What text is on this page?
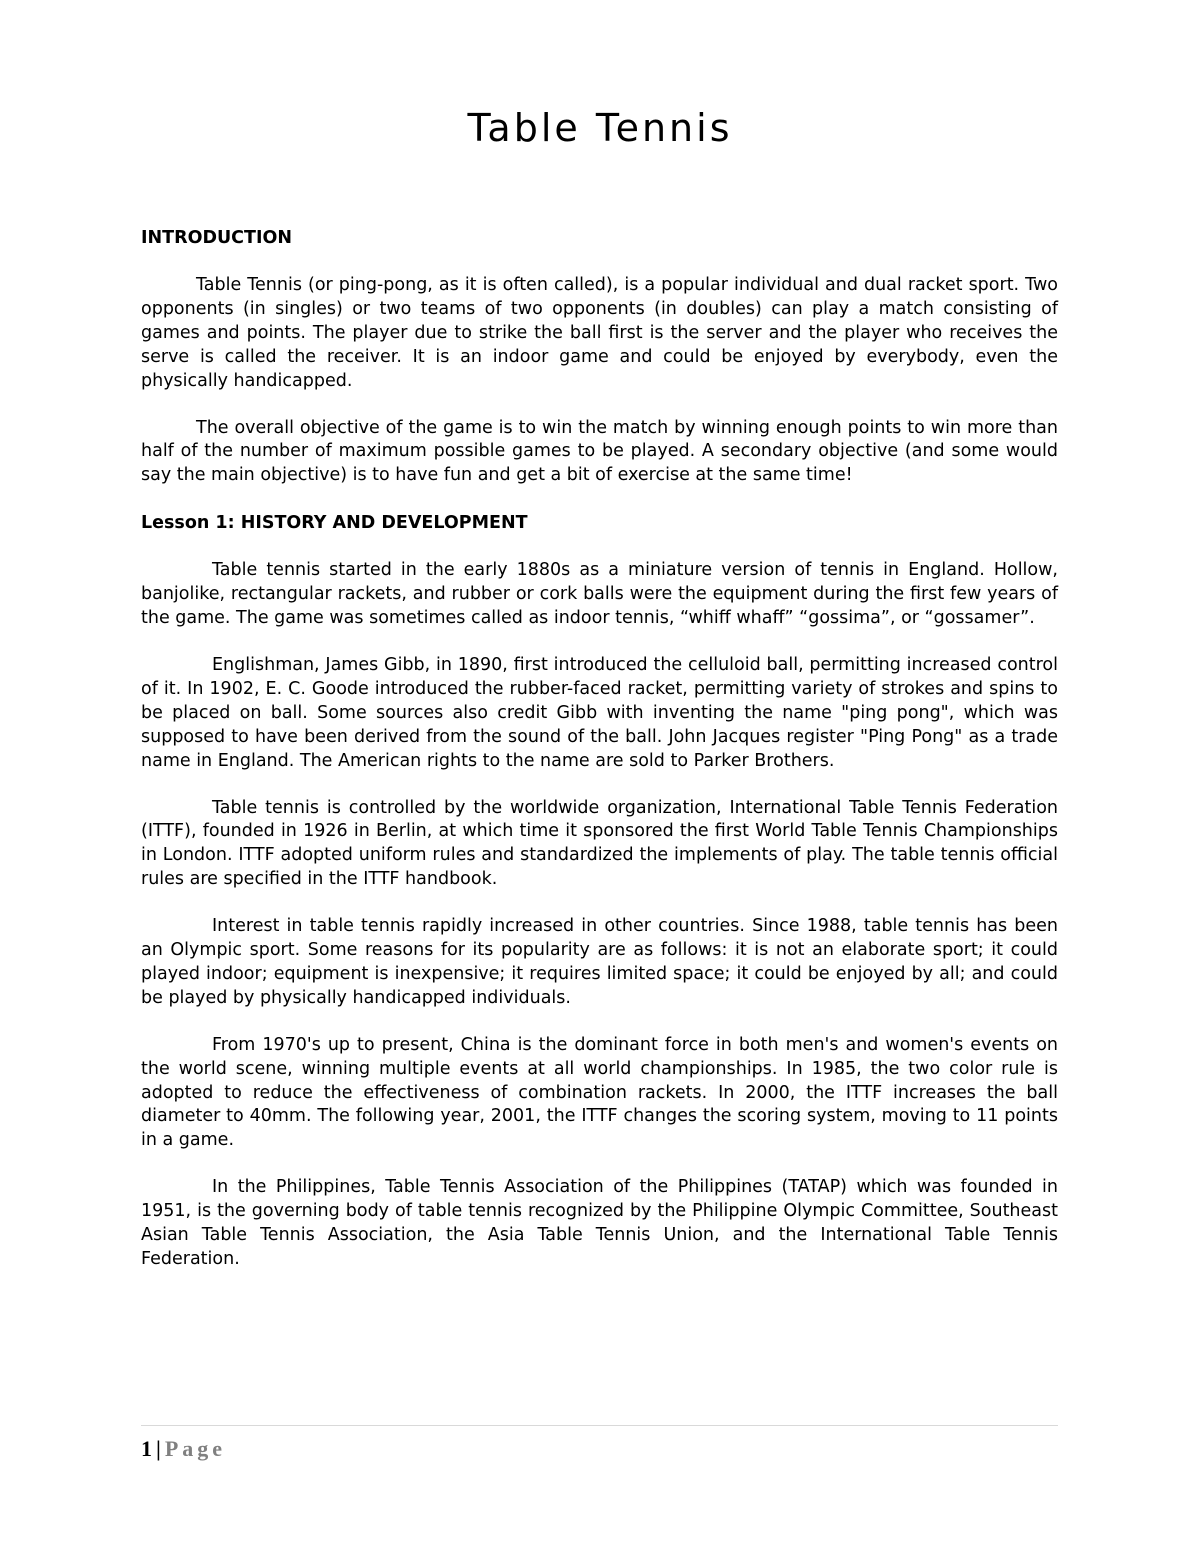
Table Tennis
INTRODUCTION

Table Tennis (or ping-pong, as it is often called), is a popular individual and dual racket sport. Two opponents (in singles) or two teams of two opponents (in doubles) can play a match consisting of games and points. The player due to strike the ball first is the server and the player who receives the serve is called the receiver. It is an indoor game and could be enjoyed by everybody, even the physically handicapped.

The overall objective of the game is to win the match by winning enough points to win more than half of the number of maximum possible games to be played. A secondary objective (and some would say the main objective) is to have fun and get a bit of exercise at the same time!

Lesson 1: HISTORY AND DEVELOPMENT

Table tennis started in the early 1880s as a miniature version of tennis in England. Hollow, banjolike, rectangular rackets, and rubber or cork balls were the equipment during the first few years of the game. The game was sometimes called as indoor tennis, “whiff whaff” “gossima”, or “gossamer”.

Englishman, James Gibb, in 1890, first introduced the celluloid ball, permitting increased control of it. In 1902, E. C. Goode introduced the rubber-faced racket, permitting variety of strokes and spins to be placed on ball. Some sources also credit Gibb with inventing the name "ping pong", which was supposed to have been derived from the sound of the ball. John Jacques register "Ping Pong" as a trade name in England. The American rights to the name are sold to Parker Brothers.

Table tennis is controlled by the worldwide organization, International Table Tennis Federation (ITTF), founded in 1926 in Berlin, at which time it sponsored the first World Table Tennis Championships in London. ITTF adopted uniform rules and standardized the implements of play. The table tennis official rules are specified in the ITTF handbook.

Interest in table tennis rapidly increased in other countries. Since 1988, table tennis has been an Olympic sport. Some reasons for its popularity are as follows: it is not an elaborate sport; it could played indoor; equipment is inexpensive; it requires limited space; it could be enjoyed by all; and could be played by physically handicapped individuals.

From 1970's up to present, China is the dominant force in both men's and women's events on the world scene, winning multiple events at all world championships. In 1985, the two color rule is adopted to reduce the effectiveness of combination rackets. In 2000, the ITTF increases the ball diameter to 40mm. The following year, 2001, the ITTF changes the scoring system, moving to 11 points in a game.

In the Philippines, Table Tennis Association of the Philippines (TATAP) which was founded in 1951, is the governing body of table tennis recognized by the Philippine Olympic Committee, Southeast Asian Table Tennis Association, the Asia Table Tennis Union, and the International Table Tennis Federation.

1 | Page
